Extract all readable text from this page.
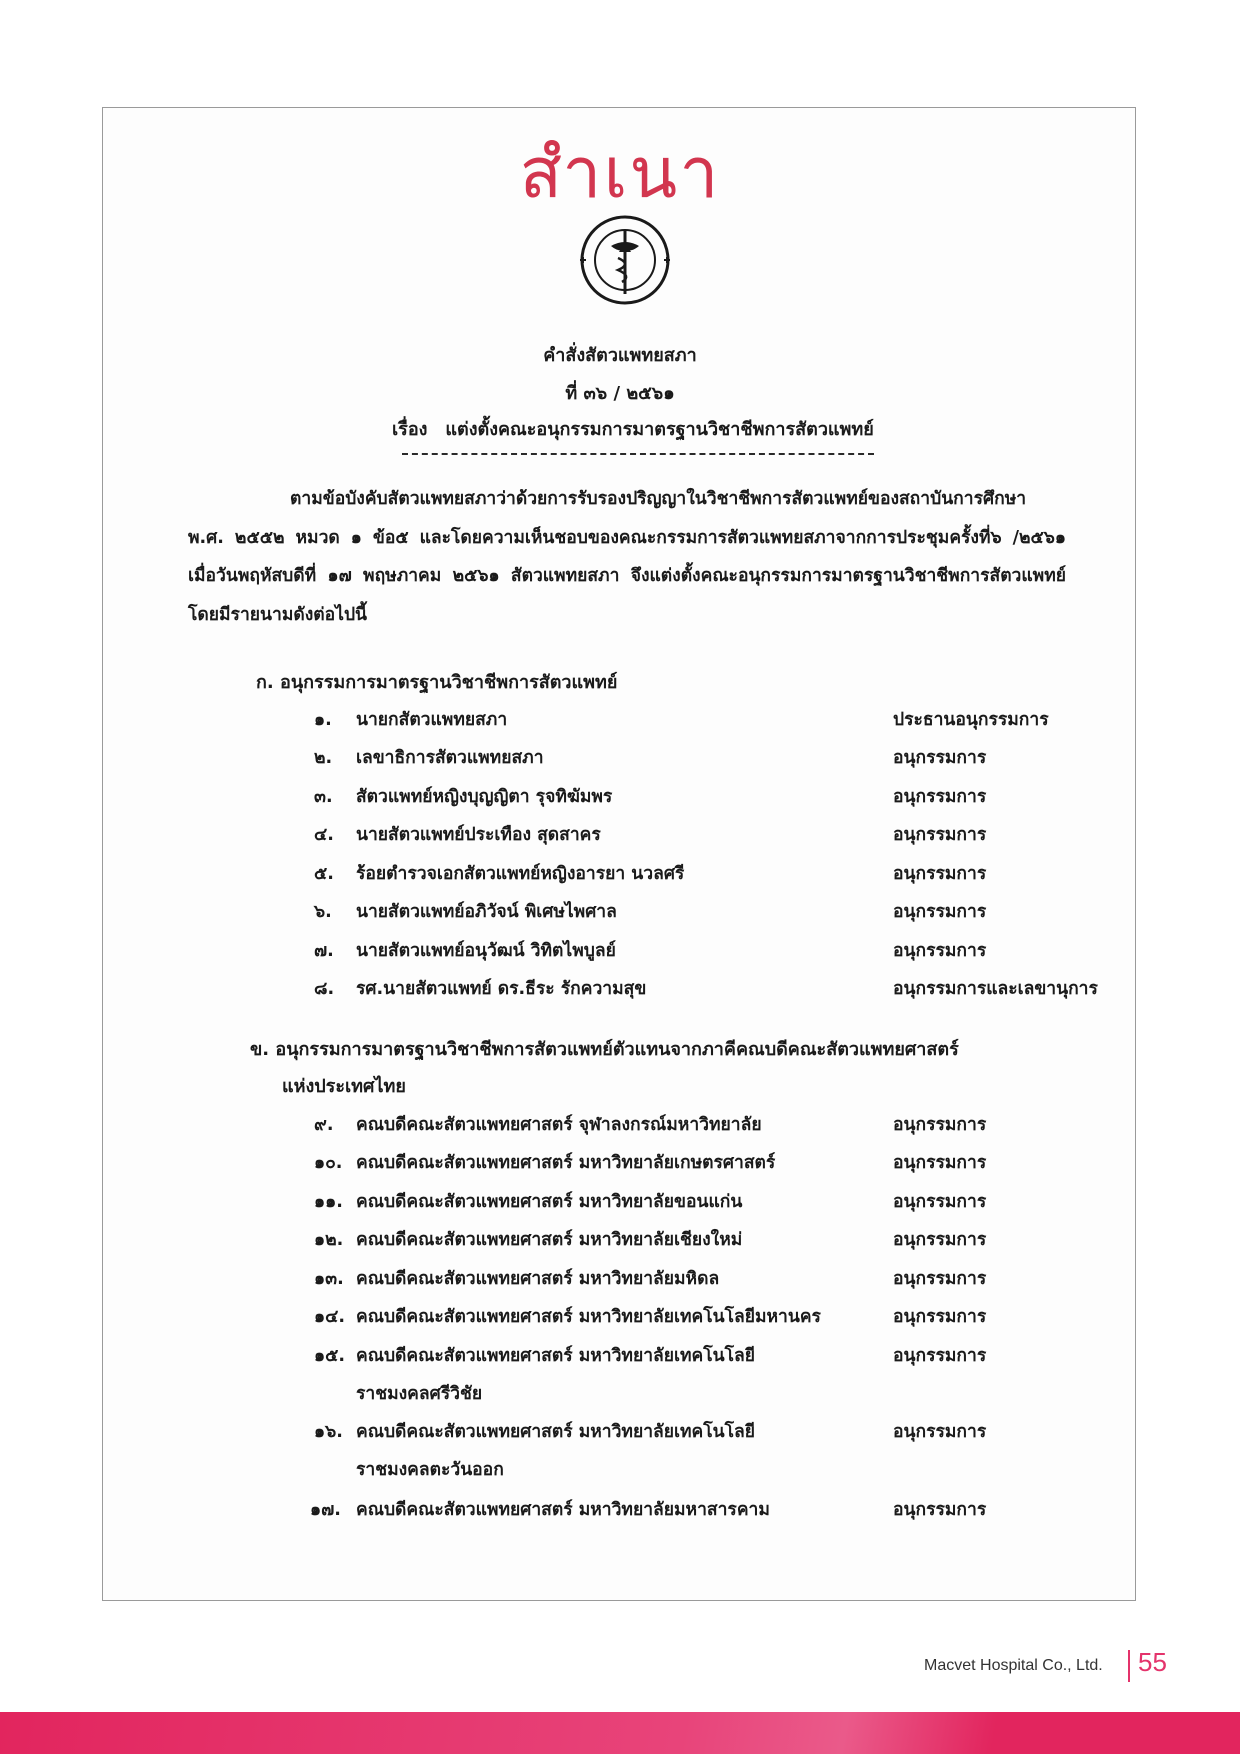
สำเนา
คำสั่งสัตวแพทยสภา
ที่ ๓๖ / ๒๕๖๑
เรื่อง แต่งตั้งคณะอนุกรรมการมาตรฐานวิชาชีพการสัตวแพทย์
ตามข้อบังคับสัตวแพทยสภาว่าด้วยการรับรองปริญญาในวิชาชีพการสัตวแพทย์ของสถาบันการศึกษา พ.ศ. ๒๕๕๒ หมวด ๑ ข้อ๕ และโดยความเห็นชอบของคณะกรรมการสัตวแพทยสภาจากการประชุมครั้งที่๖ /๒๕๖๑ เมื่อวันพฤหัสบดีที่ ๑๗ พฤษภาคม ๒๕๖๑ สัตวแพทยสภา จึงแต่งตั้งคณะอนุกรรมการมาตรฐานวิชาชีพการสัตวแพทย์ โดยมีรายนามดังต่อไปนี้
ก. อนุกรรมการมาตรฐานวิชาชีพการสัตวแพทย์
๑. นายกสัตวแพทยสภา	ประธานอนุกรรมการ
๒. เลขาธิการสัตวแพทยสภา	อนุกรรมการ
๓. สัตวแพทย์หญิงบุญญิตา รุจทิฆัมพร	อนุกรรมการ
๔. นายสัตวแพทย์ประเทือง สุดสาคร	อนุกรรมการ
๕. ร้อยตำรวจเอกสัตวแพทย์หญิงอารยา นวลศรี	อนุกรรมการ
๖. นายสัตวแพทย์อภิวัจน์ พิเศษไพศาล	อนุกรรมการ
๗. นายสัตวแพทย์อนุวัฒน์ วิทิตไพบูลย์	อนุกรรมการ
๘. รศ.นายสัตวแพทย์ ดร.ธีระ รักความสุข	อนุกรรมการและเลขานุการ
ข. อนุกรรมการมาตรฐานวิชาชีพการสัตวแพทย์ตัวแทนจากภาคีคณบดีคณะสัตวแพทยศาสตร์
แห่งประเทศไทย
๙. คณบดีคณะสัตวแพทยศาสตร์ จุฬาลงกรณ์มหาวิทยาลัย	อนุกรรมการ
๑๐. คณบดีคณะสัตวแพทยศาสตร์ มหาวิทยาลัยเกษตรศาสตร์	อนุกรรมการ
๑๑. คณบดีคณะสัตวแพทยศาสตร์ มหาวิทยาลัยขอนแก่น	อนุกรรมการ
๑๒. คณบดีคณะสัตวแพทยศาสตร์ มหาวิทยาลัยเชียงใหม่	อนุกรรมการ
๑๓. คณบดีคณะสัตวแพทยศาสตร์ มหาวิทยาลัยมหิดล	อนุกรรมการ
๑๔. คณบดีคณะสัตวแพทยศาสตร์ มหาวิทยาลัยเทคโนโลยีมหานคร	อนุกรรมการ
๑๕. คณบดีคณะสัตวแพทยศาสตร์ มหาวิทยาลัยเทคโนโลยี	อนุกรรมการ
ราชมงคลศรีวิชัย
๑๖. คณบดีคณะสัตวแพทยศาสตร์ มหาวิทยาลัยเทคโนโลยี	อนุกรรมการ
ราชมงคลตะวันออก
๑๗. คณบดีคณะสัตวแพทยศาสตร์ มหาวิทยาลัยมหาสารคาม	อนุกรรมการ
Macvet Hospital Co., Ltd. 55
